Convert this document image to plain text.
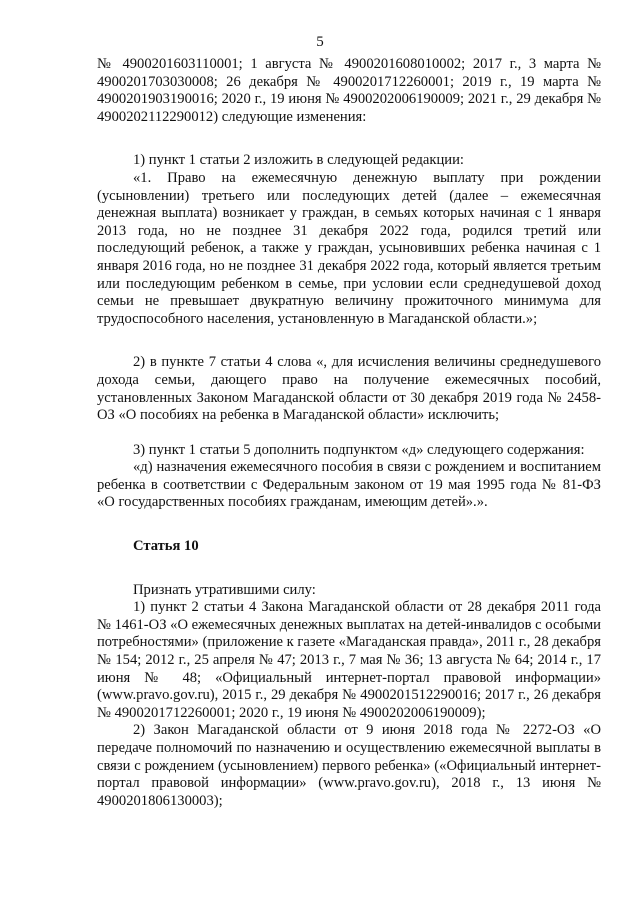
5

№ 4900201603110001; 1 августа № 4900201608010002; 2017 г., 3 марта № 4900201703030008; 26 декабря № 4900201712260001; 2019 г., 19 марта № 4900201903190016; 2020 г., 19 июня № 4900202006190009; 2021 г., 29 декабря № 4900202112290012) следующие изменения:

1) пункт 1 статьи 2 изложить в следующей редакции:

«1. Право на ежемесячную денежную выплату при рождении (усыновлении) третьего или последующих детей (далее – ежемесячная денежная выплата) возникает у граждан, в семьях которых начиная с 1 января 2013 года, но не позднее 31 декабря 2022 года, родился третий или последующий ребенок, а также у граждан, усыновивших ребенка начиная с 1 января 2016 года, но не позднее 31 декабря 2022 года, который является третьим или последующим ребенком в семье, при условии если среднедушевой доход семьи не превышает двукратную величину прожиточного минимума для трудоспособного населения, установленную в Магаданской области.»;

2) в пункте 7 статьи 4 слова «, для исчисления величины среднедушевого дохода семьи, дающего право на получение ежемесячных пособий, установленных Законом Магаданской области от 30 декабря 2019 года № 2458-ОЗ «О пособиях на ребенка в Магаданской области» исключить;

3) пункт 1 статьи 5 дополнить подпунктом «д» следующего содержания:

«д) назначения ежемесячного пособия в связи с рождением и воспитанием ребенка в соответствии с Федеральным законом от 19 мая 1995 года № 81-ФЗ «О государственных пособиях гражданам, имеющим детей».».

Статья 10

Признать утратившими силу:

1) пункт 2 статьи 4 Закона Магаданской области от 28 декабря 2011 года № 1461-ОЗ «О ежемесячных денежных выплатах на детей-инвалидов с особыми потребностями» (приложение к газете «Магаданская правда», 2011 г., 28 декабря № 154; 2012 г., 25 апреля № 47; 2013 г., 7 мая № 36; 13 августа № 64; 2014 г., 17 июня № 48; «Официальный интернет-портал правовой информации» (www.pravo.gov.ru), 2015 г., 29 декабря № 4900201512290016; 2017 г., 26 декабря № 4900201712260001; 2020 г., 19 июня № 4900202006190009);

2) Закон Магаданской области от 9 июня 2018 года № 2272-ОЗ «О передаче полномочий по назначению и осуществлению ежемесячной выплаты в связи с рождением (усыновлением) первого ребенка» («Официальный интернет-портал правовой информации» (www.pravo.gov.ru), 2018 г., 13 июня № 4900201806130003);
